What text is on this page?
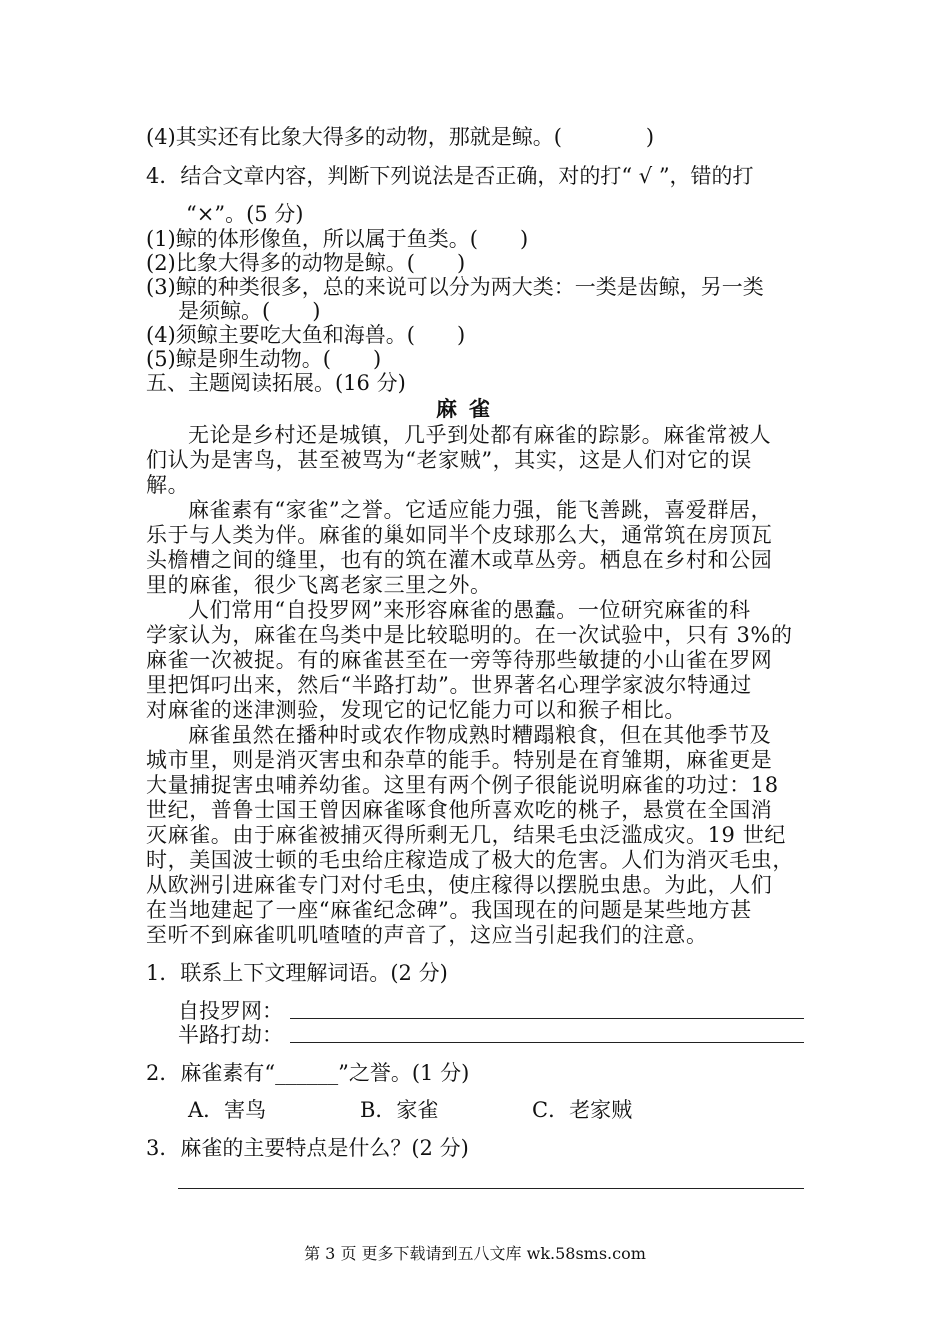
(4)其实还有比象大得多的动物，那就是鲸。(　　　　)
4．结合文章内容，判断下列说法是否正确，对的打“ √ ”，错的打
“×”。(5 分)
(1)鲸的体形像鱼，所以属于鱼类。(　　)
(2)比象大得多的动物是鲸。(　　)
(3)鲸的种类很多，总的来说可以分为两大类：一类是齿鲸，另一类
是须鲸。(　　)
(4)须鲸主要吃大鱼和海兽。(　　)
(5)鲸是卵生动物。(　　)
五、主题阅读拓展。(16 分)
麻雀
无论是乡村还是城镇，几乎到处都有麻雀的踪影。麻雀常被人
们认为是害鸟，甚至被骂为“老家贼”，其实，这是人们对它的误
解。
麻雀素有“家雀”之誉。它适应能力强，能飞善跳，喜爱群居，
乐于与人类为伴。麻雀的巢如同半个皮球那么大，通常筑在房顶瓦
头檐槽之间的缝里，也有的筑在灌木或草丛旁。栖息在乡村和公园
里的麻雀，很少飞离老家三里之外。
人们常用“自投罗网”来形容麻雀的愚蠢。一位研究麻雀的科
学家认为，麻雀在鸟类中是比较聪明的。在一次试验中，只有 3%的
麻雀一次被捉。有的麻雀甚至在一旁等待那些敏捷的小山雀在罗网
里把饵叼出来，然后“半路打劫”。世界著名心理学家波尔特通过
对麻雀的迷津测验，发现它的记忆能力可以和猴子相比。
麻雀虽然在播种时或农作物成熟时糟蹋粮食，但在其他季节及
城市里，则是消灭害虫和杂草的能手。特别是在育雏期，麻雀更是
大量捕捉害虫哺养幼雀。这里有两个例子很能说明麻雀的功过：18
世纪，普鲁士国王曾因麻雀啄食他所喜欢吃的桃子，悬赏在全国消
灭麻雀。由于麻雀被捕灭得所剩无几，结果毛虫泛滥成灾。19 世纪
时，美国波士顿的毛虫给庄稼造成了极大的危害。人们为消灭毛虫，
从欧洲引进麻雀专门对付毛虫，使庄稼得以摆脱虫患。为此，人们
在当地建起了一座“麻雀纪念碑”。我国现在的问题是某些地方甚
至听不到麻雀叽叽喳喳的声音了，这应当引起我们的注意。
1．联系上下文理解词语。(2 分)
自投罗网：
半路打劫：
2．麻雀素有“______”之誉。(1 分)
A．害鸟	B．家雀	C．老家贼
3．麻雀的主要特点是什么？(2 分)
第 3 页 更多下载请到五八文库 wk.58sms.com
